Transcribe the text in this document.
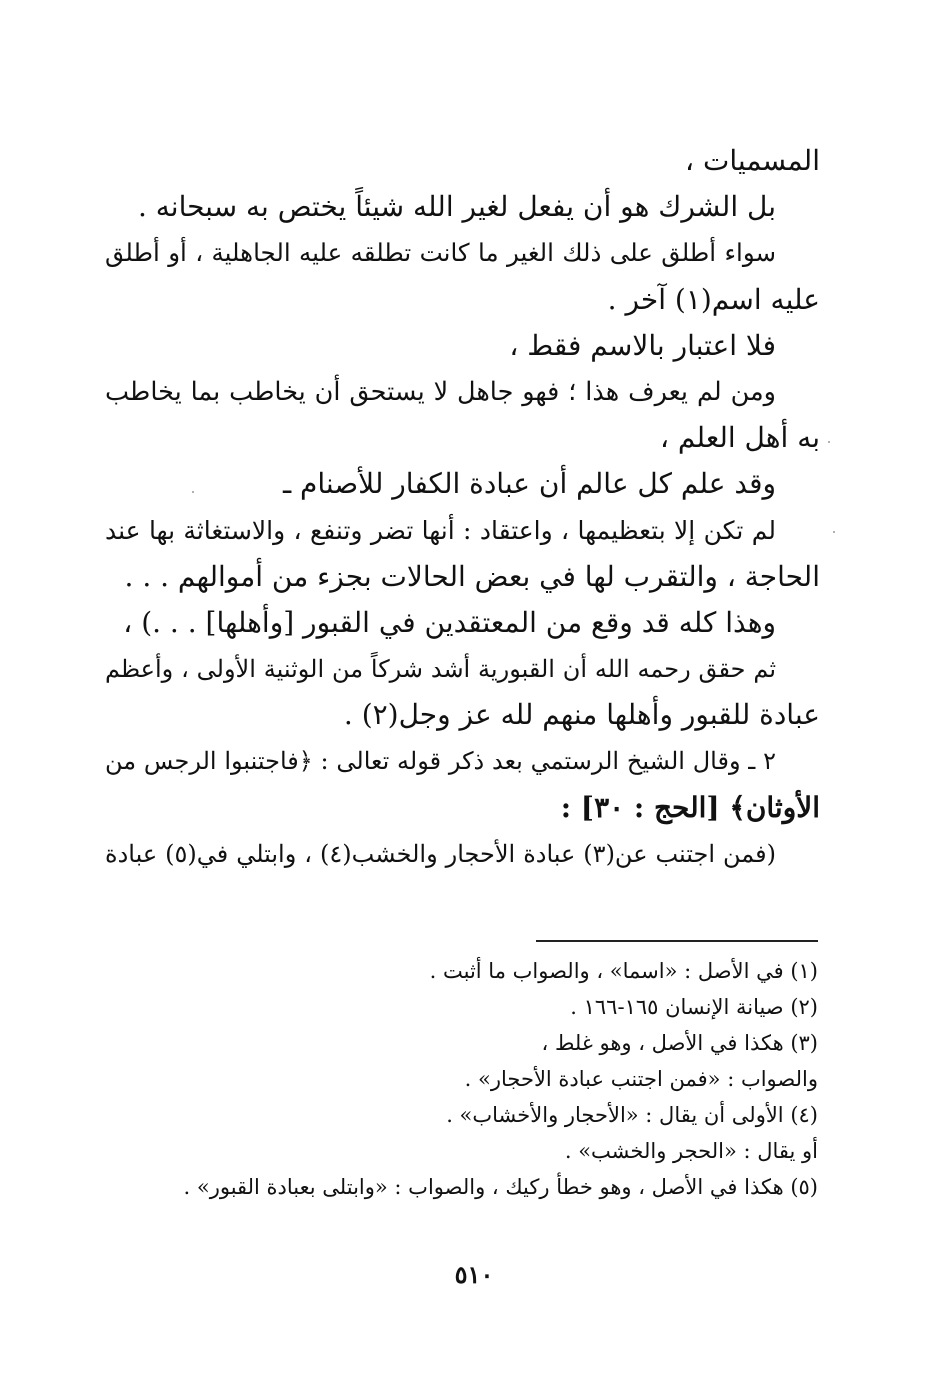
المسميات ،
بل الشرك هو أن يفعل لغير الله شيئاً يختص به سبحانه .
سواء أطلق على ذلك الغير ما كانت تطلقه عليه الجاهلية ، أو أطلق
عليه اسم(١) آخر .
فلا اعتبار بالاسم فقط ،
ومن لم يعرف هذا ؛ فهو جاهل لا يستحق أن يخاطب بما يخاطب
به أهل العلم ،
وقد علم كل عالم أن عبادة الكفار للأصنام ـ
لم تكن إلا بتعظيمها ، واعتقاد : أنها تضر وتنفع ، والاستغاثة بها عند
الحاجة ، والتقرب لها في بعض الحالات بجزء من أموالهم . . .
وهذا كله قد وقع من المعتقدين في القبور [وأهلها] . . .) ،
ثم حقق رحمه الله أن القبورية أشد شركاً من الوثنية الأولى ، وأعظم
عبادة للقبور وأهلها منهم لله عز وجل(٢) .
٢ ـ وقال الشيخ الرستمي بعد ذكر قوله تعالى : ﴿فاجتنبوا الرجس من
الأوثان﴾ [الحج : ٣٠] :
(فمن اجتنب عن(٣) عبادة الأحجار والخشب(٤) ، وابتلي في(٥) عبادة
(١) في الأصل : «اسما» ، والصواب ما أثبت .
(٢) صيانة الإنسان ١٦٥-١٦٦ .
(٣) هكذا في الأصل ، وهو غلط ،
والصواب : «فمن اجتنب عبادة الأحجار» .
(٤) الأولى أن يقال : «الأحجار والأخشاب» .
أو يقال : «الحجر والخشب» .
(٥) هكذا في الأصل ، وهو خطأ ركيك ، والصواب : «وابتلى بعبادة القبور» .
٥١٠
